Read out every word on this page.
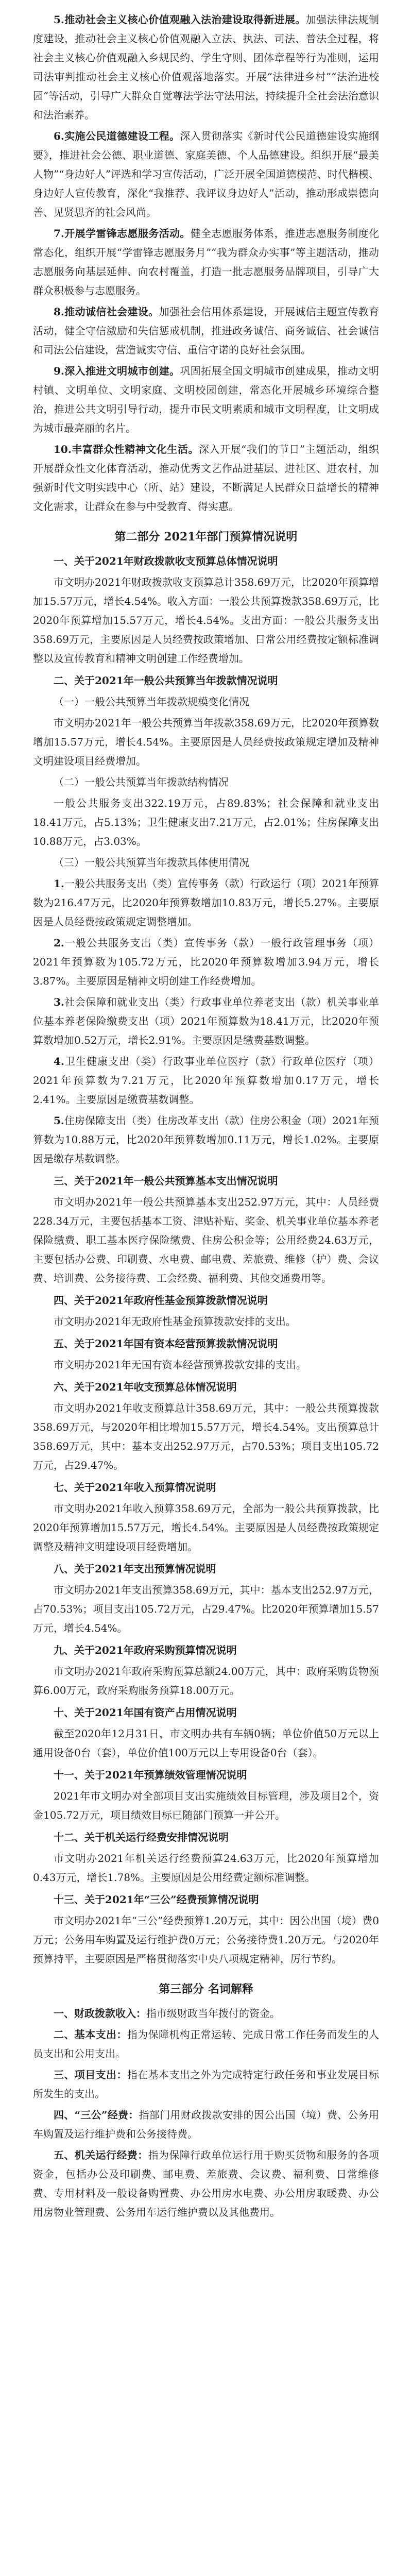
5.推动社会主义核心价值观融入法治建设取得新进展。加强法律法规制度建设，推动社会主义核心价值观融入立法、执法、司法、普法全过程，将社会主义核心价值观融入乡规民约、学生守则、团体章程等行为准则，运用司法审判推动社会主义核心价值观落地落实。开展“法律进乡村”“法治进校园”等活动，引导广大群众自觉尊法学法守法用法，持续提升全社会法治意识和法治素养。

6.实施公民道德建设工程。深入贯彻落实《新时代公民道德建设实施纲要》，推进社会公德、职业道德、家庭美德、个人品德建设。组织开展“最美人物”“身边好人”评选和学习宣传活动，广泛开展全国道德模范、时代楷模、身边好人宣传教育，深化“我推荐、我评议身边好人”活动，推动形成崇德向善、见贤思齐的社会风尚。

7.开展学雷锋志愿服务活动。健全志愿服务体系，推进志愿服务制度化常态化，组织开展“学雷锋志愿服务月”“我为群众办实事”等主题活动，推动志愿服务向基层延伸、向农村覆盖，打造一批志愿服务品牌项目，引导广大群众积极参与志愿服务。

8.推动诚信社会建设。加强社会信用体系建设，开展诚信主题宣传教育活动，健全守信激励和失信惩戒机制，推进政务诚信、商务诚信、社会诚信和司法公信建设，营造诚实守信、重信守诺的良好社会氛围。

9.深入推进文明城市创建。巩固拓展全国文明城市创建成果，推动文明村镇、文明单位、文明家庭、文明校园创建，常态化开展城乡环境综合整治，推进公共文明引导行动，提升市民文明素质和城市文明程度，让文明成为城市最亮丽的名片。

10.丰富群众性精神文化生活。深入开展“我们的节日”主题活动，组织开展群众性文化体育活动，推动优秀文艺作品进基层、进社区、进农村，加强新时代文明实践中心（所、站）建设，不断满足人民群众日益增长的精神文化需求，让群众在参与中受教育、得实惠。

第二部分 2021年部门预算情况说明

一、关于2021年财政拨款收支预算总体情况说明

市文明办2021年财政拨款收支预算总计358.69万元，比2020年预算增加15.57万元，增长4.54%。收入方面：一般公共预算拨款358.69万元，比2020年预算增加15.57万元，增长4.54%。支出方面：一般公共服务支出358.69万元，主要原因是人员经费按政策增加、日常公用经费按定额标准调整以及宣传教育和精神文明创建工作经费增加。

二、关于2021年一般公共预算当年拨款情况说明

（一）一般公共预算当年拨款规模变化情况

市文明办2021年一般公共预算当年拨款358.69万元，比2020年预算数增加15.57万元，增长4.54%。主要原因是人员经费按政策规定增加及精神文明建设项目经费增加。

（二）一般公共预算当年拨款结构情况

一般公共服务支出322.19万元，占89.83%；社会保障和就业支出18.41万元，占5.13%；卫生健康支出7.21万元，占2.01%；住房保障支出10.88万元，占3.03%。

（三）一般公共预算当年拨款具体使用情况

1.一般公共服务支出（类）宣传事务（款）行政运行（项）2021年预算数为216.47万元，比2020年预算数增加10.83万元，增长5.27%。主要原因是人员经费按政策规定调整增加。

2.一般公共服务支出（类）宣传事务（款）一般行政管理事务（项）2021年预算数为105.72万元，比2020年预算数增加3.94万元，增长3.87%。主要原因是精神文明创建工作经费增加。

3.社会保障和就业支出（类）行政事业单位养老支出（款）机关事业单位基本养老保险缴费支出（项）2021年预算数为18.41万元，比2020年预算数增加0.52万元，增长2.91%。主要原因是缴费基数调整。

4.卫生健康支出（类）行政事业单位医疗（款）行政单位医疗（项）2021年预算数为7.21万元，比2020年预算数增加0.17万元，增长2.41%。主要原因是缴费基数调整。

5.住房保障支出（类）住房改革支出（款）住房公积金（项）2021年预算数为10.88万元，比2020年预算数增加0.11万元，增长1.02%。主要原因是缴存基数调整。

三、关于2021年一般公共预算基本支出情况说明

市文明办2021年一般公共预算基本支出252.97万元，其中：人员经费228.34万元，主要包括基本工资、津贴补贴、奖金、机关事业单位基本养老保险缴费、职工基本医疗保险缴费、住房公积金等；公用经费24.63万元，主要包括办公费、印刷费、水电费、邮电费、差旅费、维修（护）费、会议费、培训费、公务接待费、工会经费、福利费、其他交通费用等。

四、关于2021年政府性基金预算拨款情况说明

市文明办2021年无政府性基金预算拨款安排的支出。

五、关于2021年国有资本经营预算拨款情况说明

市文明办2021年无国有资本经营预算拨款安排的支出。

六、关于2021年收支预算总体情况说明

市文明办2021年收支预算总计358.69万元，其中：一般公共预算拨款358.69万元，与2020年相比增加15.57万元，增长4.54%。支出预算总计358.69万元，其中：基本支出252.97万元，占70.53%；项目支出105.72万元，占29.47%。

七、关于2021年收入预算情况说明

市文明办2021年收入预算358.69万元，全部为一般公共预算拨款，比2020年预算增加15.57万元，增长4.54%。主要原因是人员经费按政策规定调整及精神文明建设项目经费增加。

八、关于2021年支出预算情况说明

市文明办2021年支出预算358.69万元，其中：基本支出252.97万元，占70.53%；项目支出105.72万元，占29.47%。比2020年预算增加15.57万元，增长4.54%。

九、关于2021年政府采购预算情况说明

市文明办2021年政府采购预算总额24.00万元，其中：政府采购货物预算6.00万元，政府采购服务预算18.00万元。

十、关于2021年国有资产占用情况说明

截至2020年12月31日，市文明办共有车辆0辆；单位价值50万元以上通用设备0台（套），单位价值100万元以上专用设备0台（套）。

十一、关于2021年预算绩效管理情况说明

2021年市文明办对全部项目支出实施绩效目标管理，涉及项目2个，资金105.72万元，项目绩效目标已随部门预算一并公开。

十二、关于机关运行经费安排情况说明

市文明办2021年机关运行经费预算24.63万元，比2020年预算增加0.43万元，增长1.78%。主要原因是公用经费定额标准调整。

十三、关于2021年“三公”经费预算情况说明

市文明办2021年“三公”经费预算1.20万元，其中：因公出国（境）费0万元；公务用车购置及运行维护费0万元；公务接待费1.20万元。与2020年预算持平，主要原因是严格贯彻落实中央八项规定精神，厉行节约。

第三部分 名词解释

一、财政拨款收入：指市级财政当年拨付的资金。

二、基本支出：指为保障机构正常运转、完成日常工作任务而发生的人员支出和公用支出。

三、项目支出：指在基本支出之外为完成特定行政任务和事业发展目标所发生的支出。

四、“三公”经费：指部门用财政拨款安排的因公出国（境）费、公务用车购置及运行维护费和公务接待费。

五、机关运行经费：指为保障行政单位运行用于购买货物和服务的各项资金，包括办公及印刷费、邮电费、差旅费、会议费、福利费、日常维修费、专用材料及一般设备购置费、办公用房水电费、办公用房取暖费、办公用房物业管理费、公务用车运行维护费以及其他费用。
